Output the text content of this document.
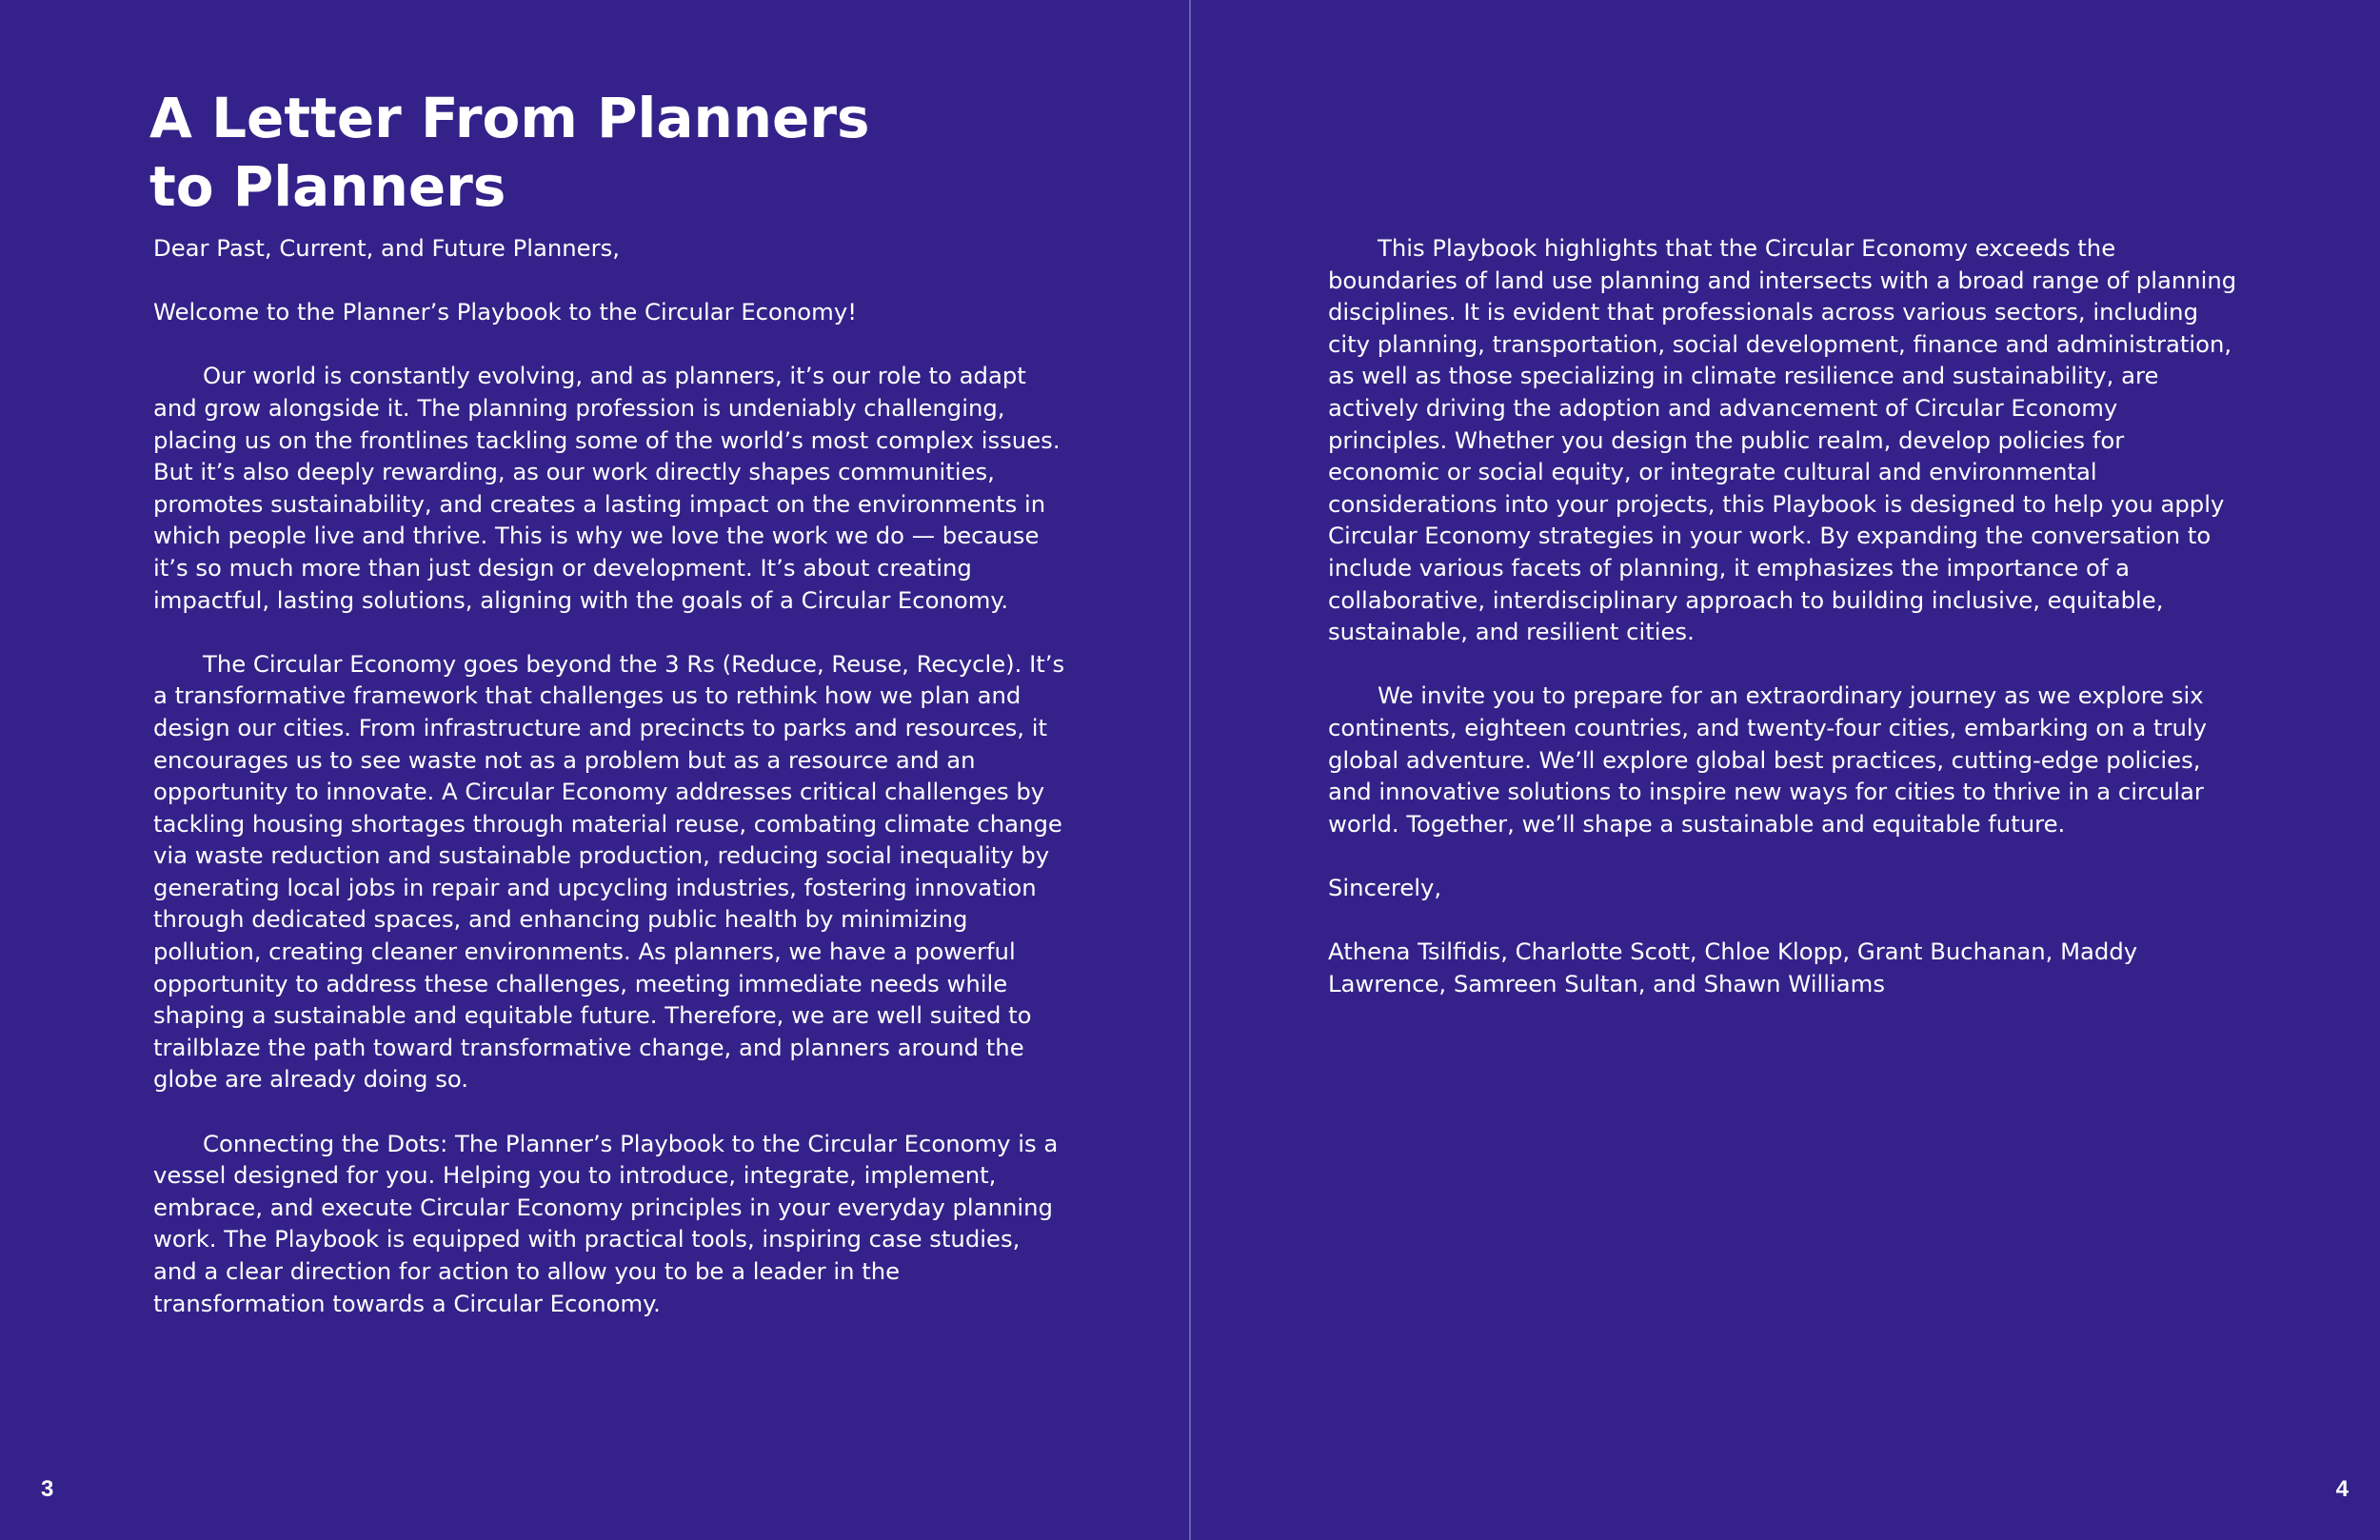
A Letter From Planners
to Planners

Dear Past, Current, and Future Planners,

Welcome to the Planner’s Playbook to the Circular Economy!

Our world is constantly evolving, and as planners, it’s our role to adapt and grow alongside it. The planning profession is undeniably challenging, placing us on the frontlines tackling some of the world’s most complex issues. But it’s also deeply rewarding, as our work directly shapes communities, promotes sustainability, and creates a lasting impact on the environments in which people live and thrive. This is why we love the work we do — because it’s so much more than just design or development. It’s about creating impactful, lasting solutions, aligning with the goals of a Circular Economy.

The Circular Economy goes beyond the 3 Rs (Reduce, Reuse, Recycle). It’s a transformative framework that challenges us to rethink how we plan and design our cities. From infrastructure and precincts to parks and resources, it encourages us to see waste not as a problem but as a resource and an opportunity to innovate. A Circular Economy addresses critical challenges by tackling housing shortages through material reuse, combating climate change via waste reduction and sustainable production, reducing social inequality by generating local jobs in repair and upcycling industries, fostering innovation through dedicated spaces, and enhancing public health by minimizing pollution, creating cleaner environments. As planners, we have a powerful opportunity to address these challenges, meeting immediate needs while shaping a sustainable and equitable future. Therefore, we are well suited to trailblaze the path toward transformative change, and planners around the globe are already doing so.

Connecting the Dots: The Planner’s Playbook to the Circular Economy is a vessel designed for you. Helping you to introduce, integrate, implement, embrace, and execute Circular Economy principles in your everyday planning work. The Playbook is equipped with practical tools, inspiring case studies, and a clear direction for action to allow you to be a leader in the transformation towards a Circular Economy.

3

This Playbook highlights that the Circular Economy exceeds the boundaries of land use planning and intersects with a broad range of planning disciplines. It is evident that professionals across various sectors, including city planning, transportation, social development, finance and administration, as well as those specializing in climate resilience and sustainability, are actively driving the adoption and advancement of Circular Economy principles. Whether you design the public realm, develop policies for economic or social equity, or integrate cultural and environmental considerations into your projects, this Playbook is designed to help you apply Circular Economy strategies in your work. By expanding the conversation to include various facets of planning, it emphasizes the importance of a collaborative, interdisciplinary approach to building inclusive, equitable, sustainable, and resilient cities.

We invite you to prepare for an extraordinary journey as we explore six continents, eighteen countries, and twenty-four cities, embarking on a truly global adventure. We’ll explore global best practices, cutting-edge policies, and innovative solutions to inspire new ways for cities to thrive in a circular world. Together, we’ll shape a sustainable and equitable future.

Sincerely,

Athena Tsilfidis, Charlotte Scott, Chloe Klopp, Grant Buchanan, Maddy Lawrence, Samreen Sultan, and Shawn Williams

4
